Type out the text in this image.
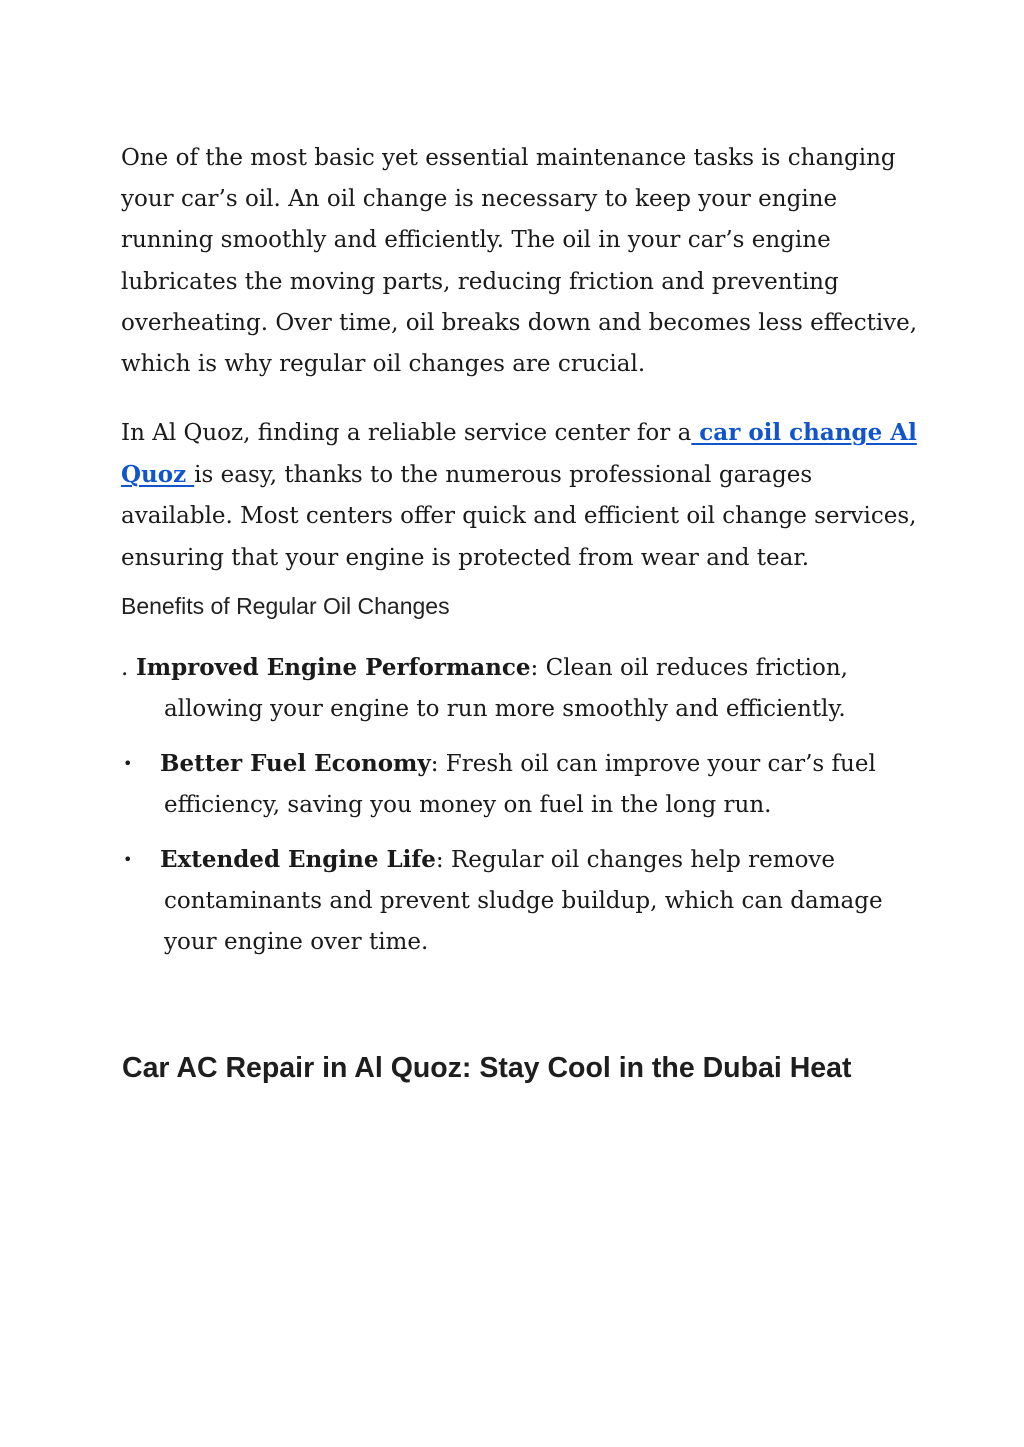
One of the most basic yet essential maintenance tasks is changing
your car’s oil. An oil change is necessary to keep your engine
running smoothly and efficiently. The oil in your car’s engine
lubricates the moving parts, reducing friction and preventing
overheating. Over time, oil breaks down and becomes less effective,
which is why regular oil changes are crucial.

In Al Quoz, finding a reliable service center for a car oil change Al
Quoz is easy, thanks to the numerous professional garages
available. Most centers offer quick and efficient oil change services,
ensuring that your engine is protected from wear and tear.

Benefits of Regular Oil Changes

. Improved Engine Performance: Clean oil reduces friction,
allowing your engine to run more smoothly and efficiently.

• Better Fuel Economy: Fresh oil can improve your car’s fuel
efficiency, saving you money on fuel in the long run.

• Extended Engine Life: Regular oil changes help remove
contaminants and prevent sludge buildup, which can damage
your engine over time.

Car AC Repair in Al Quoz: Stay Cool in the Dubai Heat
